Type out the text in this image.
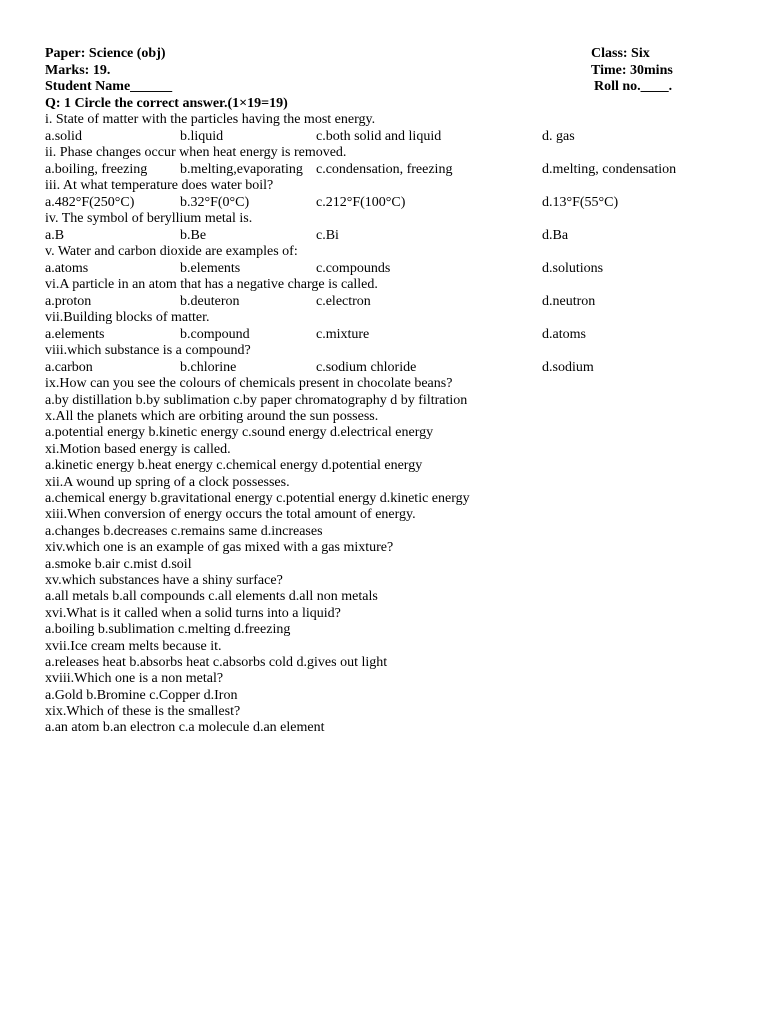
Paper: Science (obj)	Class: Six
Marks: 19.	Time: 30mins
Student Name______	Roll no.____.
Q: 1 Circle the correct answer.(1×19=19)
i. State of matter with the particles having the most energy.
a.solid	b.liquid	c.both solid and liquid	d. gas
ii. Phase changes occur when heat energy is removed.
a.boiling, freezing b.melting,evaporating c.condensation, freezing	d.melting, condensation
iii. At what temperature does water boil?
a.482°F(250°C)	b.32°F(0°C)	c.212°F(100°C)	d.13°F(55°C)
iv. The symbol of beryllium metal is.
a.B	b.Be	c.Bi	d.Ba
v. Water and carbon dioxide are examples of:
a.atoms	b.elements	c.compounds	d.solutions
vi.A particle in an atom that has a negative charge is called.
a.proton	b.deuteron	c.electron	d.neutron
vii.Building blocks of matter.
a.elements	b.compound	c.mixture	d.atoms
viii.which substance is a compound?
a.carbon	b.chlorine	c.sodium chloride	d.sodium
ix.How can you see the colours of chemicals present in chocolate beans?
a.by distillation b.by sublimation c.by paper chromatography d by filtration
x.All the planets which are orbiting around the sun possess.
a.potential energy b.kinetic energy c.sound energy d.electrical energy
xi.Motion based energy is called.
a.kinetic energy b.heat energy c.chemical energy d.potential energy
xii.A wound up spring of a clock possesses.
a.chemical energy b.gravitational energy c.potential energy d.kinetic energy
xiii.When conversion of energy occurs the total amount of energy.
a.changes b.decreases c.remains same d.increases
xiv.which one is an example of gas mixed with a gas mixture?
a.smoke b.air c.mist d.soil
xv.which substances have a shiny surface?
a.all metals b.all compounds c.all elements d.all non metals
xvi.What is it called when a solid turns into a liquid?
a.boiling b.sublimation c.melting d.freezing
xvii.Ice cream melts because it.
a.releases heat b.absorbs heat c.absorbs cold d.gives out light
xviii.Which one is a non metal?
a.Gold b.Bromine c.Copper d.Iron
xix.Which of these is the smallest?
a.an atom b.an electron c.a molecule d.an element
